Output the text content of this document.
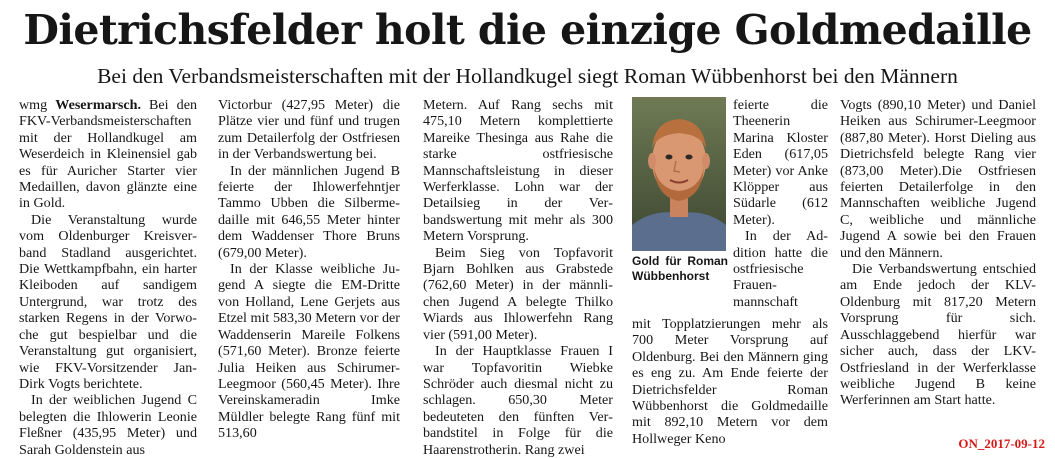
Dietrichsfelder holt die einzige Goldmedaille
Bei den Verbandsmeisterschaften mit der Hollandkugel siegt Roman Wübbenhorst bei den Männern

wmg Wesermarsch. Bei den FKV-Verbandsmeisterschaften mit der Hollandkugel am Weserdeich in Kleinensiel gab es für Auricher Starter vier Medaillen, davon glänzte eine in Gold.

Die Veranstaltung wurde vom Oldenburger Kreisverband Stadland ausgerichtet. Die Wettkampfbahn, ein harter Kleiboden auf sandigem Untergrund, war trotz des starken Regens in der Vorwoche gut bespielbar und die Veranstaltung gut organisiert, wie FKV-Vorsitzender Jan-Dirk Vogts berichtete.

In der weiblichen Jugend C belegten die Ihlowerin Leonie Fleßner (435,95 Meter) und Sarah Goldenstein aus

Victorbur (427,95 Meter) die Plätze vier und fünf und trugen zum Detailerfolg der Ostfriesen in der Verbandswertung bei.

In der männlichen Jugend B feierte der Ihlowerfehntjer Tammo Ubben die Silbermedaille mit 646,55 Meter hinter dem Waddenser Thore Bruns (679,00 Meter).

In der Klasse weibliche Jugend A siegte die EM-Dritte von Holland, Lene Gerjets aus Etzel mit 583,30 Metern vor der Waddenserin Mareile Folkens (571,60 Meter). Bronze feierte Julia Heiken aus Schirumer-Leegmoor (560,45 Meter). Ihre Vereinskameradin Imke Müldler belegte Rang fünf mit 513,60

Metern. Auf Rang sechs mit 475,10 Metern komplettierte Mareike Thesinga aus Rahe die starke ostfriesische Mannschaftsleistung in dieser Werferklasse. Lohn war der Detailsieg in der Verbandswertung mit mehr als 300 Metern Vorsprung.

Beim Sieg von Topfavorit Bjarn Bohlken aus Grabstede (762,60 Meter) in der männlichen Jugend A belegte Thilko Wiards aus Ihlowerfehn Rang vier (591,00 Meter).

In der Hauptklasse Frauen I war Topfavoritin Wiebke Schröder auch diesmal nicht zu schlagen. 650,30 Meter bedeuteten den fünften Verbandstitel in Folge für die Haarenstrotherin. Rang zwei

Gold für Roman Wübbenhorst

feierte die Theenerin Marina Kloster Eden (617,05 Meter) vor Anke Klöpper aus Südarle (612 Meter).

In der Addition hatte die ostfriesische Frauenmannschaft

mit Topplatzierungen mehr als 700 Meter Vorsprung auf Oldenburg. Bei den Männern ging es eng zu. Am Ende feierte der Dietrichsfelder Roman Wübbenhorst die Goldmedaille mit 892,10 Metern vor dem Hollweger Keno

Vogts (890,10 Meter) und Daniel Heiken aus Schirumer-Leegmoor (887,80 Meter). Horst Dieling aus Dietrichsfeld belegte Rang vier (873,00 Meter).Die Ostfriesen feierten Detailerfolge in den Mannschaften weibliche Jugend C, weibliche und männliche Jugend A sowie bei den Frauen und den Männern.

Die Verbandswertung entschied am Ende jedoch der KLV-Oldenburg mit 817,20 Metern Vorsprung für sich. Ausschlaggebend hierfür war sicher auch, dass der LKV-Ostfriesland in der Werferklasse weibliche Jugend B keine Werferinnen am Start hatte.

ON_2017-09-12
